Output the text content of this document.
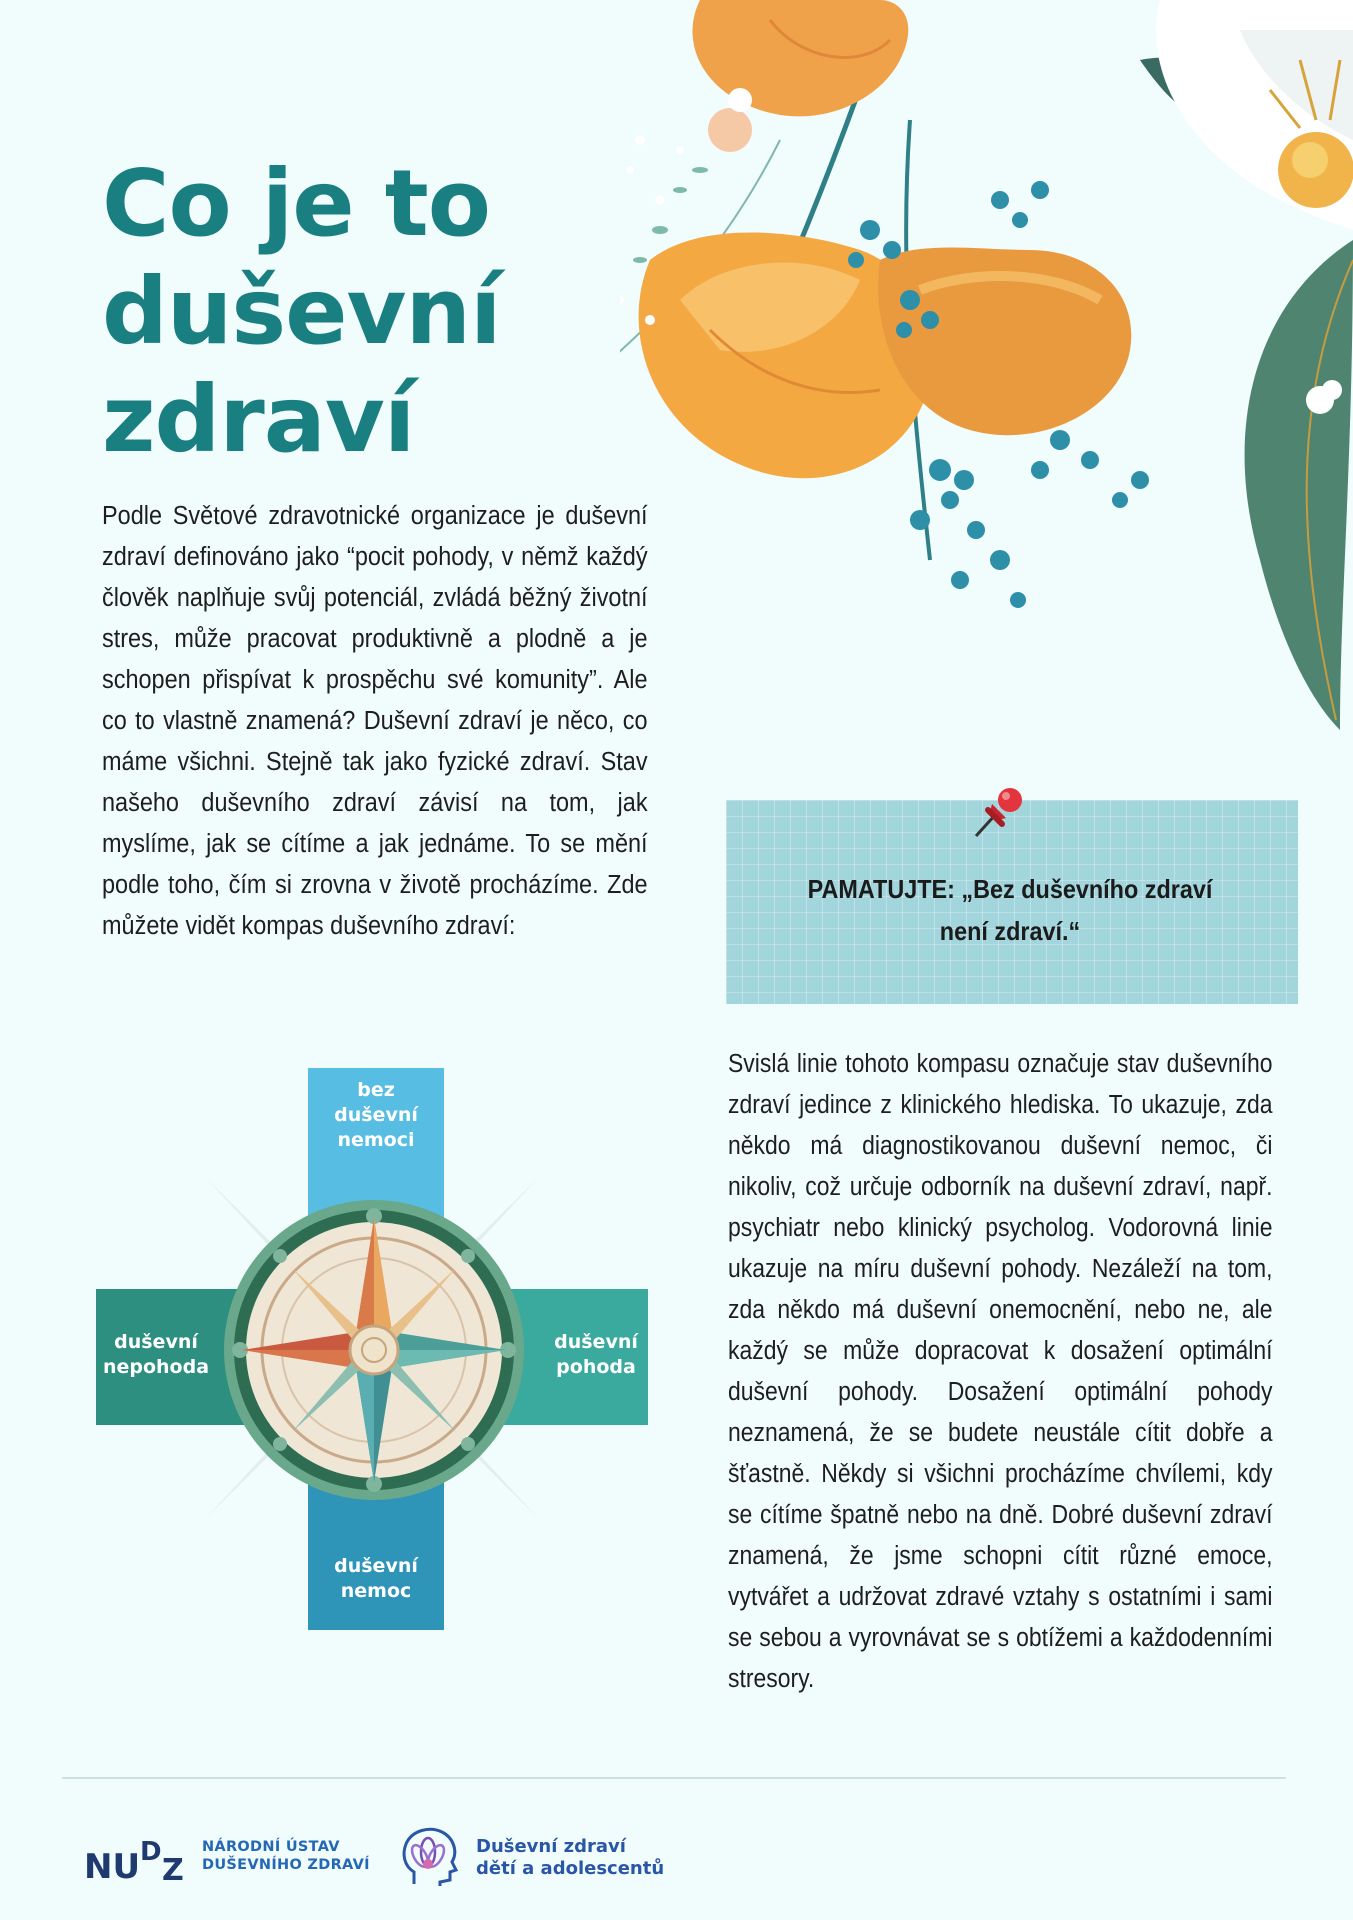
Co je to duševní zdraví

Podle Světové zdravotnické organizace je duševní zdraví definováno jako “pocit pohody, v němž každý člověk naplňuje svůj potenciál, zvládá běžný životní stres, může pracovat produktivně a plodně a je schopen přispívat k prospěchu své komunity”. Ale co to vlastně znamená? Duševní zdraví je něco, co máme všichni. Stejně tak jako fyzické zdraví. Stav našeho duševního zdraví závisí na tom, jak myslíme, jak se cítíme a jak jednáme. To se mění podle toho, čím si zrovna v životě procházíme. Zde můžete vidět kompas duševního zdraví:

PAMATUJTE: „Bez duševního zdraví
není zdraví.“

bez
duševní
nemoci
duševní
nepohoda
duševní
pohoda
duševní
nemoc

Svislá linie tohoto kompasu označuje stav duševního zdraví jedince z klinického hlediska. To ukazuje, zda někdo má diagnostikovanou duševní nemoc, či nikoliv, což určuje odborník na duševní zdraví, např. psychiatr nebo klinický psycholog. Vodorovná linie ukazuje na míru duševní pohody. Nezáleží na tom, zda někdo má duševní onemocnění, nebo ne, ale každý se může dopracovat k dosažení optimální duševní pohody. Dosažení optimální pohody neznamená, že se budete neustále cítit dobře a šťastně. Někdy si všichni procházíme chvílemi, kdy se cítíme špatně nebo na dně. Dobré duševní zdraví znamená, že jsme schopni cítit různé emoce, vytvářet a udržovat zdravé vztahy s ostatními i sami se sebou a vyrovnávat se s obtížemi a každodenními stresory.

NU D
Z

NÁRODNÍ ÚSTAV
DUŠEVNÍHO ZDRAVÍ

Duševní zdraví
dětí a adolescentů
